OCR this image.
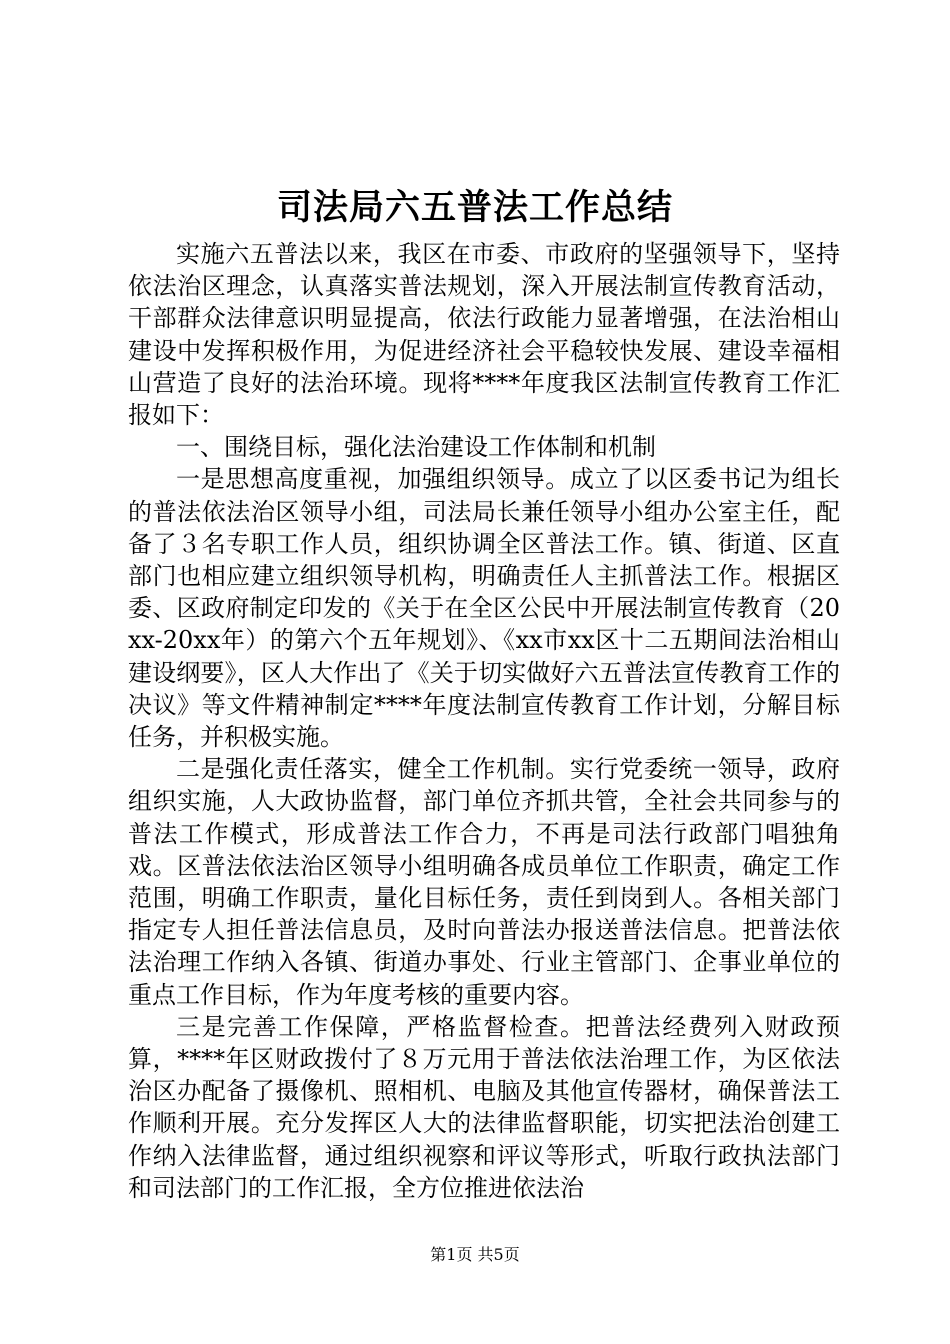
司法局六五普法工作总结

实施六五普法以来，我区在市委、市政府的坚强领导下，坚持依法治区理念，认真落实普法规划，深入开展法制宣传教育活动，干部群众法律意识明显提高，依法行政能力显著增强，在法治相山建设中发挥积极作用，为促进经济社会平稳较快发展、建设幸福相山营造了良好的法治环境。现将****年度我区法制宣传教育工作汇报如下：

一、围绕目标，强化法治建设工作体制和机制

一是思想高度重视，加强组织领导。成立了以区委书记为组长的普法依法治区领导小组，司法局长兼任领导小组办公室主任，配备了３名专职工作人员，组织协调全区普法工作。镇、街道、区直部门也相应建立组织领导机构，明确责任人主抓普法工作。根据区委、区政府制定印发的《关于在全区公民中开展法制宣传教育（20xx-20xx年）的第六个五年规划》、《xx市xx区十二五期间法治相山建设纲要》，区人大作出了《关于切实做好六五普法宣传教育工作的决议》等文件精神制定****年度法制宣传教育工作计划，分解目标任务，并积极实施。

二是强化责任落实，健全工作机制。实行党委统一领导，政府组织实施，人大政协监督，部门单位齐抓共管，全社会共同参与的普法工作模式，形成普法工作合力，不再是司法行政部门唱独角戏。区普法依法治区领导小组明确各成员单位工作职责，确定工作范围，明确工作职责，量化目标任务，责任到岗到人。各相关部门指定专人担任普法信息员，及时向普法办报送普法信息。把普法依法治理工作纳入各镇、街道办事处、行业主管部门、企事业单位的重点工作目标，作为年度考核的重要内容。

三是完善工作保障，严格监督检查。把普法经费列入财政预算，****年区财政拨付了８万元用于普法依法治理工作，为区依法治区办配备了摄像机、照相机、电脑及其他宣传器材，确保普法工作顺利开展。充分发挥区人大的法律监督职能，切实把法治创建工作纳入法律监督，通过组织视察和评议等形式，听取行政执法部门和司法部门的工作汇报，全方位推进依法治

第1页 共5页
